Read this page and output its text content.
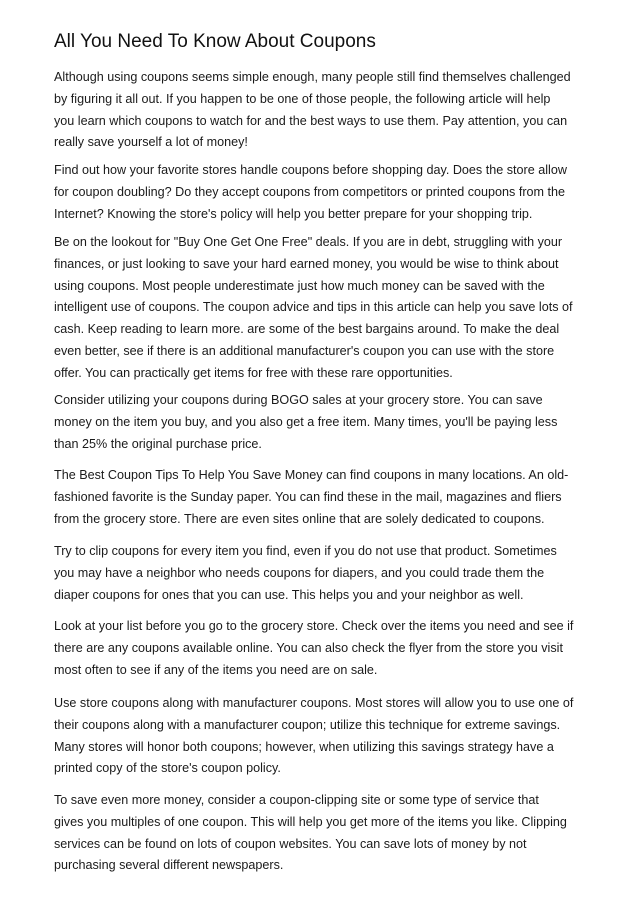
All You Need To Know About Coupons

Although using coupons seems simple enough, many people still find themselves challenged
by figuring it all out. If you happen to be one of those people, the following article will help
you learn which coupons to watch for and the best ways to use them. Pay attention, you can
really save yourself a lot of money!

Find out how your favorite stores handle coupons before shopping day. Does the store allow
for coupon doubling? Do they accept coupons from competitors or printed coupons from the
Internet? Knowing the store's policy will help you better prepare for your shopping trip.

Be on the lookout for "Buy One Get One Free" deals. If you are in debt, struggling with your
finances, or just looking to save your hard earned money, you would be wise to think about
using coupons. Most people underestimate just how much money can be saved with the
intelligent use of coupons. The coupon advice and tips in this article can help you save lots of
cash. Keep reading to learn more. are some of the best bargains around. To make the deal
even better, see if there is an additional manufacturer's coupon you can use with the store
offer. You can practically get items for free with these rare opportunities.

Consider utilizing your coupons during BOGO sales at your grocery store. You can save
money on the item you buy, and you also get a free item. Many times, you'll be paying less
than 25% the original purchase price.

The Best Coupon Tips To Help You Save Money can find coupons in many locations. An old-
fashioned favorite is the Sunday paper. You can find these in the mail, magazines and fliers
from the grocery store. There are even sites online that are solely dedicated to coupons.

Try to clip coupons for every item you find, even if you do not use that product. Sometimes
you may have a neighbor who needs coupons for diapers, and you could trade them the
diaper coupons for ones that you can use. This helps you and your neighbor as well.

Look at your list before you go to the grocery store. Check over the items you need and see if
there are any coupons available online. You can also check the flyer from the store you visit
most often to see if any of the items you need are on sale.

Use store coupons along with manufacturer coupons. Most stores will allow you to use one of
their coupons along with a manufacturer coupon; utilize this technique for extreme savings.
Many stores will honor both coupons; however, when utilizing this savings strategy have a
printed copy of the store's coupon policy.

To save even more money, consider a coupon-clipping site or some type of service that
gives you multiples of one coupon. This will help you get more of the items you like. Clipping
services can be found on lots of coupon websites. You can save lots of money by not
purchasing several different newspapers.
